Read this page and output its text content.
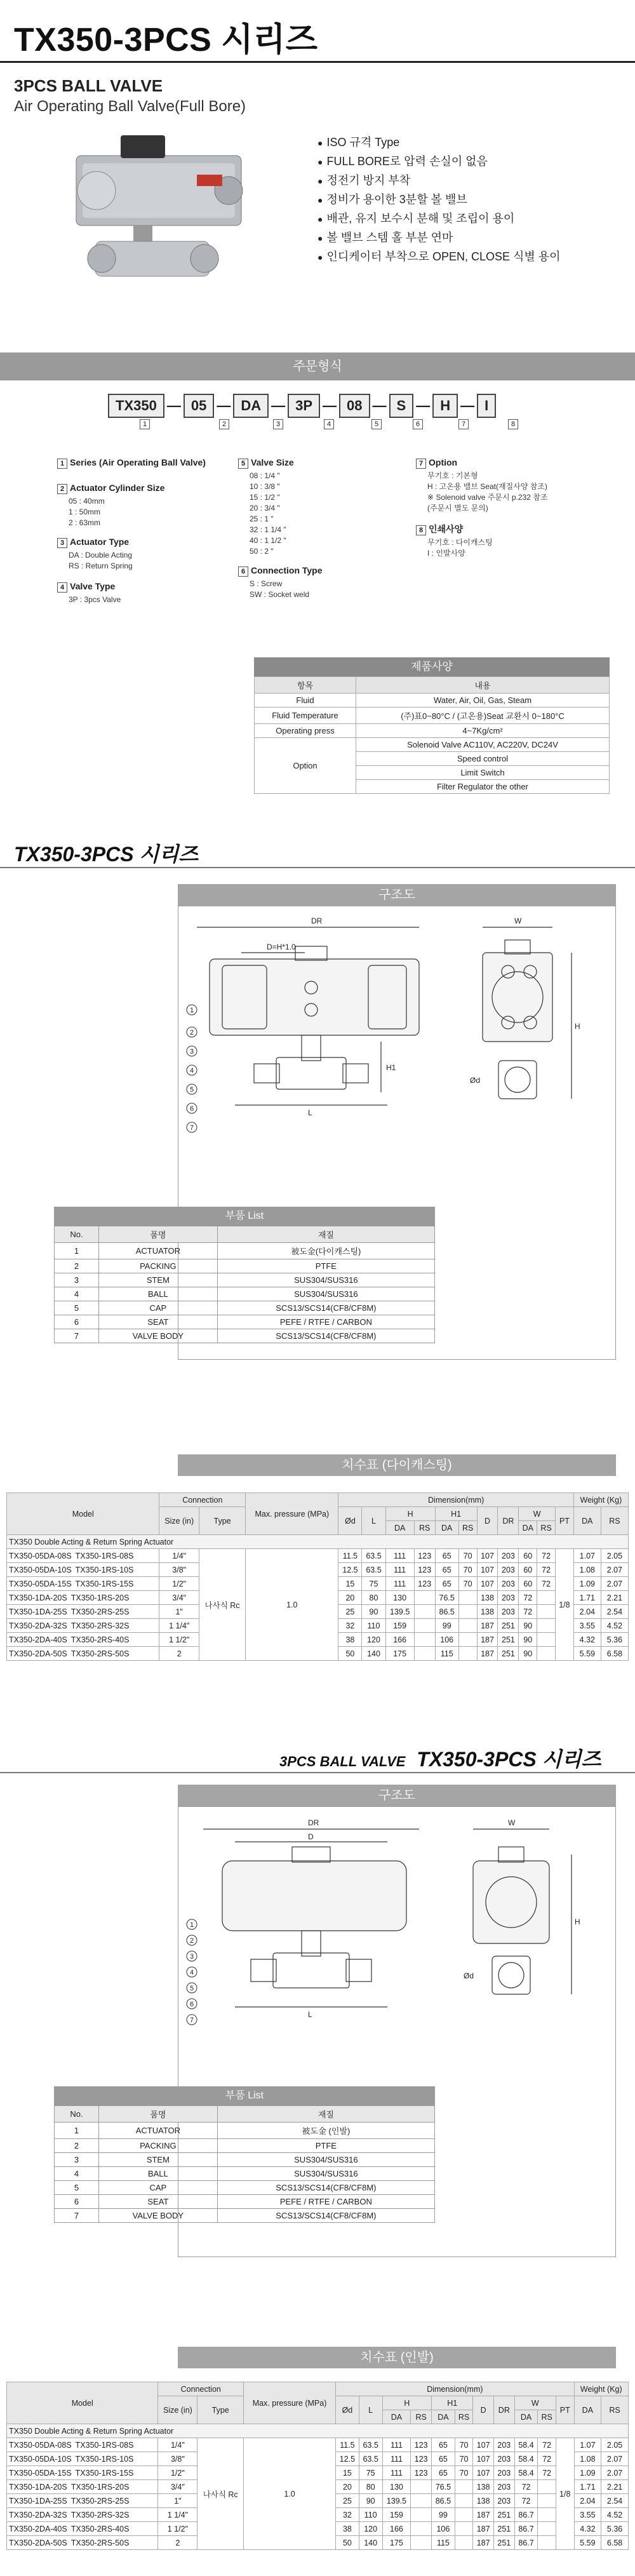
TX350-3PCS 시리즈
3PCS BALL VALVE
Air Operating Ball Valve(Full Bore)
● ISO 규격 Type
● FULL BORE로 압력 손실이 없음
● 정전기 방지 부착
● 정비가 용이한 3분할 볼 밸브
● 배관, 유지 보수시 분해 및 조립이 용이
● 볼 밸브 스템 홀 부분 연마
● 인디케이터 부착으로 OPEN, CLOSE 식별 용이
주문형식
TX350 — 05 — DA — 3P — 08 — S — H — I
1	2	3	4	5	6	7	8
1 Series (Air Operating Ball Valve)
2 Actuator Cylinder Size
05 : 40mm
1 : 50mm
2 : 63mm
3 Actuator Type
DA : Double Acting
RS : Return Spring
4 Valve Type
3P : 3pcs Valve
5 Valve Size
08 : 1/4 "
10 : 3/8 "
15 : 1/2 "
20 : 3/4 "
25 : 1 "
32 : 1 1/4 "
40 : 1 1/2 "
50 : 2 "
6 Connection Type
S : Screw
SW : Socket weld
7 Option
무기호 : 기본형
H : 고온용 밸브 Seat(재질사양 참조)
※ Solenoid valve 주문시 p.232 참조
(주문시 별도 문의)
8 인쇄사양
무기호 : 다이캐스팅
I : 인발사양
제품사양
항목	내용
Fluid	Water, Air, Oil, Gas, Steam
Fluid Temperature	(주)표0~80°C / (고온용)Seat 교환시 0~180°C
Operating press	4~7Kg/cm²
Option	Solenoid Valve AC110V, AC220V, DC24V
	Speed control
	Limit Switch
	Filter Regulator the other
TX350-3PCS 시리즈
구조도
DR
D=H*1.0
W
H
H1
L
Ød
1
2
3
4
5
6
7
부품 List
No.	품명	재질
1	ACTUATOR	被도金(다이캐스팅)
2	PACKING	PTFE
3	STEM	SUS304/SUS316
4	BALL	SUS304/SUS316
5	CAP	SCS13/SCS14(CF8/CF8M)
6	SEAT	PEFE / RTFE / CARBON
7	VALVE BODY	SCS13/SCS14(CF8/CF8M)
치수표 (다이캐스팅)
Model	Connection		Max. pressure (MPa)	Dimension(mm)											Weight (Kg)	
	Size (in)	Type		Ød	L	H		H1		D	DR	W		PT	DA	RS
						DA	RS	DA	RS			DA	RS			
TX350 Double Acting & Return Spring Actuator																
TX350-05DA-08S TX350-1RS-08S	1/4"	나사식 Rc	1.0	11.5	63.5	111	123	65	70	107	203	60	72	1/8	1.07	2.05
TX350-05DA-10S TX350-1RS-10S	3/8"			12.5	63.5	111	123	65	70	107	203	60	72		1.08	2.07
TX350-05DA-15S TX350-1RS-15S	1/2"			15	75	111	123	65	70	107	203	60	72		1.09	2.07
TX350-1DA-20S TX350-1RS-20S	3/4"			20	80	130		76.5		138	203	72			1.71	2.21
TX350-1DA-25S TX350-2RS-25S	1"			25	90	139.5		86.5		138	203	72			2.04	2.54
TX350-2DA-32S TX350-2RS-32S	1 1/4"			32	110	159		99		187	251	90			3.55	4.52
TX350-2DA-40S TX350-2RS-40S	1 1/2"			38	120	166		106		187	251	90			4.32	5.36
TX350-2DA-50S TX350-2RS-50S	2			50	140	175		115		187	251	90			5.59	6.58
3PCS BALL VALVE TX350-3PCS 시리즈
구조도
DR
D
W
H
L
Ød
1
2
3
4
5
6
7
부품 List
No.	품명	재질
1	ACTUATOR	被도金 (인발)
2	PACKING	PTFE
3	STEM	SUS304/SUS316
4	BALL	SUS304/SUS316
5	CAP	SCS13/SCS14(CF8/CF8M)
6	SEAT	PEFE / RTFE / CARBON
7	VALVE BODY	SCS13/SCS14(CF8/CF8M)
치수표 (인발)
Model	Connection		Max. pressure (MPa)	Dimension(mm)											Weight (Kg)	
	Size (in)	Type		Ød	L	H		H1		D	DR	W		PT	DA	RS
						DA	RS	DA	RS			DA	RS			
TX350 Double Acting & Return Spring Actuator																
TX350-05DA-08S TX350-1RS-08S	1/4"	나사식 Rc	1.0	11.5	63.5	111	123	65	70	107	203	58.4	72	1/8	1.07	2.05
TX350-05DA-10S TX350-1RS-10S	3/8"			12.5	63.5	111	123	65	70	107	203	58.4	72		1.08	2.07
TX350-05DA-15S TX350-1RS-15S	1/2"			15	75	111	123	65	70	107	203	58.4	72		1.09	2.07
TX350-1DA-20S TX350-1RS-20S	3/4"			20	80	130		76.5		138	203	72			1.71	2.21
TX350-1DA-25S TX350-2RS-25S	1"			25	90	139.5		86.5		138	203	72			2.04	2.54
TX350-2DA-32S TX350-2RS-32S	1 1/4"			32	110	159		99		187	251	86.7			3.55	4.52
TX350-2DA-40S TX350-2RS-40S	1 1/2"			38	120	166		106		187	251	86.7			4.32	5.36
TX350-2DA-50S TX350-2RS-50S	2			50	140	175		115		187	251	86.7			5.59	6.58
